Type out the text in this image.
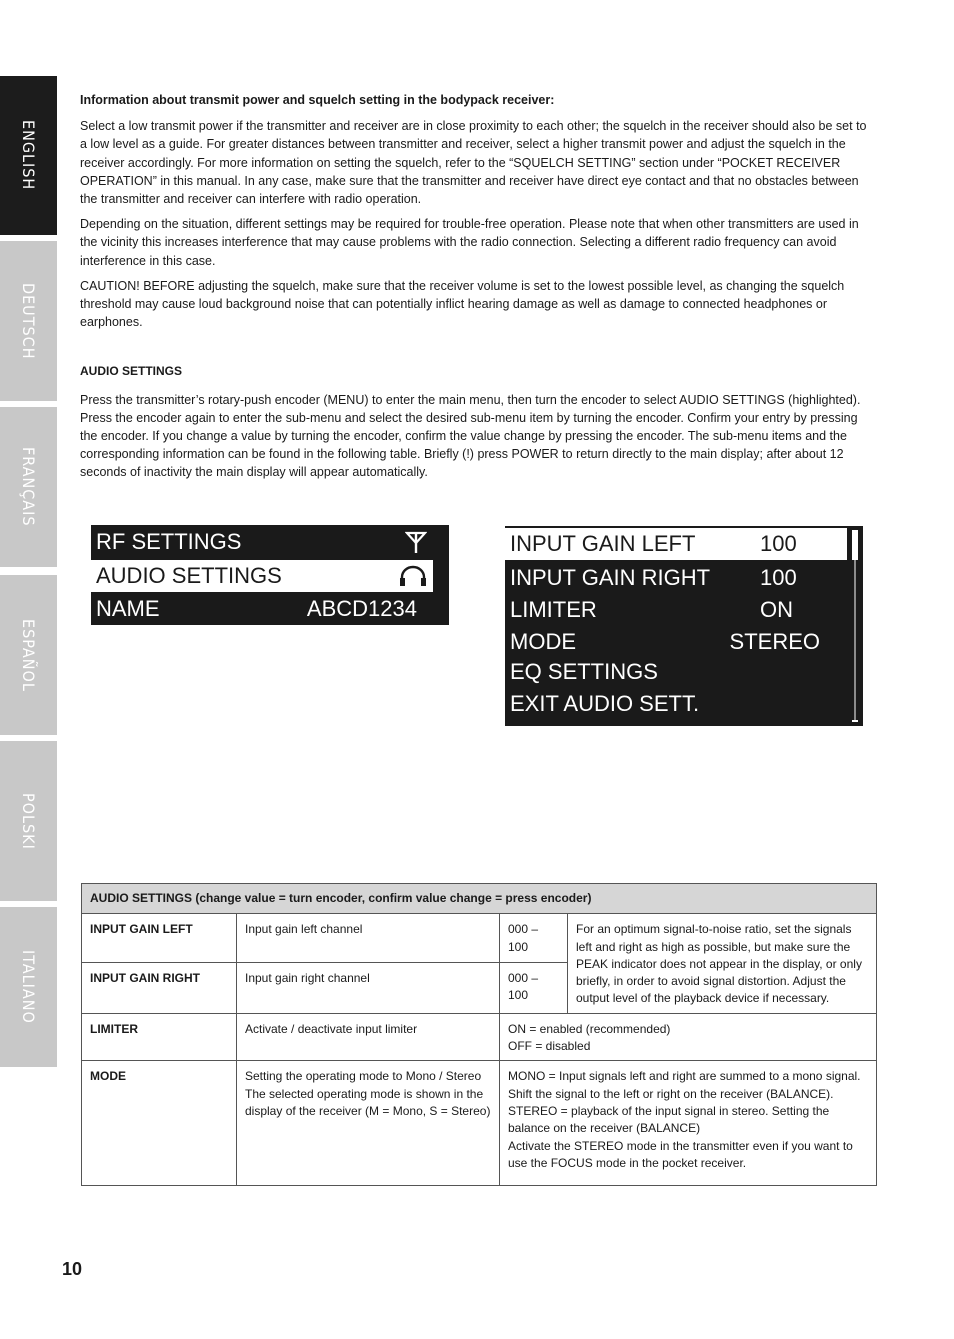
ENGLISH
DEUTSCH
FRANÇAIS
ESPAÑOL
POLSKI
ITALIANO
Information about transmit power and squelch setting in the bodypack receiver:

Select a low transmit power if the transmitter and receiver are in close proximity to each other; the squelch in the receiver should also be set to a low level as a guide. For greater distances between transmitter and receiver, select a higher transmit power and adjust the squelch in the receiver accordingly. For more information on setting the squelch, refer to the “SQUELCH SETTING” section under “POCKET RECEIVER OPERATION” in this manual. In any case, make sure that the transmitter and receiver have direct eye contact and that no obstacles between the transmitter and receiver can interfere with radio operation.

Depending on the situation, different settings may be required for trouble-free operation. Please note that when other transmitters are used in the vicinity this increases interference that may cause problems with the radio connection. Selecting a different radio frequency can avoid interference in this case.

CAUTION! BEFORE adjusting the squelch, make sure that the receiver volume is set to the lowest possible level, as changing the squelch threshold may cause loud background noise that can potentially inflict hearing damage as well as damage to connected headphones or earphones.

AUDIO SETTINGS

Press the transmitter’s rotary-push encoder (MENU) to enter the main menu, then turn the encoder to select AUDIO SETTINGS (highlighted). Press the encoder again to enter the sub-menu and select the desired sub-menu item by turning the encoder. Confirm your entry by pressing the encoder. If you change a value by turning the encoder, confirm the value change by pressing the encoder. The sub-menu items and the corresponding information can be found in the following table. Briefly (!) press POWER to return directly to the main display; after about 12 seconds of inactivity the main display will appear automatically.

RF SETTINGS
AUDIO SETTINGS
NAME	ABCD1234
INPUT GAIN LEFT	100
INPUT GAIN RIGHT	100
LIMITER	ON
MODE	STEREO
EQ SETTINGS
EXIT AUDIO SETT.
AUDIO SETTINGS (change value = turn encoder, confirm value change = press encoder)			
INPUT GAIN LEFT	Input gain left channel	000 – 100	For an optimum signal-to-noise ratio, set the signals left and right as high as possible, but make sure the PEAK indicator does not appear in the display, or only briefly, in order to avoid signal distortion. Adjust the output level of the playback device if necessary.
INPUT GAIN RIGHT	Input gain right channel	000 – 100	
LIMITER	Activate / deactivate input limiter	ON = enabled (recommended)
OFF = disabled	

MODE	Setting the operating mode to Mono / Stereo The selected operating mode is shown in the display of the receiver (M = Mono, S = Stereo)	MONO = Input signals left and right are summed to a mono signal. Shift the signal to the left or right on the receiver (BALANCE).
STEREO = playback of the input signal in stereo. Setting the balance on the receiver (BALANCE)
Activate the STEREO mode in the transmitter even if you want to use the FOCUS mode in the pocket receiver.	
10
